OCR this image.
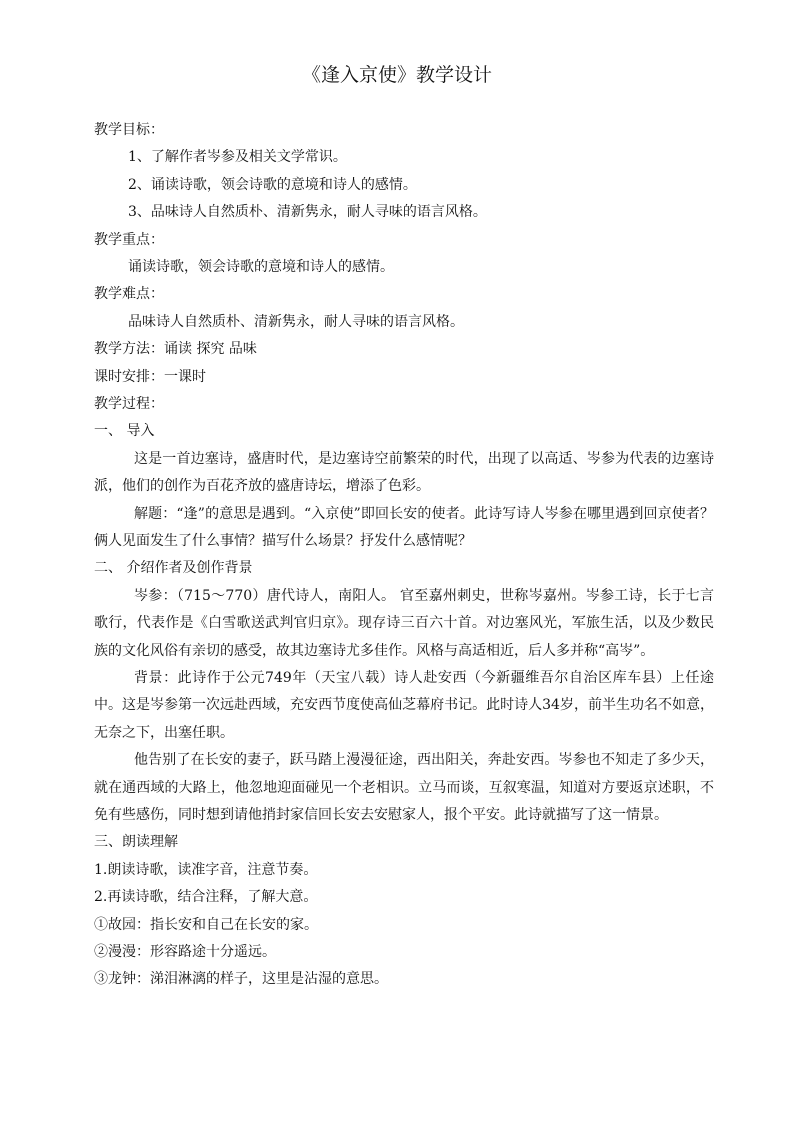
《逢入京使》教学设计
教学目标：
1、了解作者岑参及相关文学常识。
2、诵读诗歌，领会诗歌的意境和诗人的感情。
3、品味诗人自然质朴、清新隽永，耐人寻味的语言风格。
教学重点：
诵读诗歌，领会诗歌的意境和诗人的感情。
教学难点：
品味诗人自然质朴、清新隽永，耐人寻味的语言风格。
教学方法：诵读 探究 品味
课时安排：一课时
教学过程：
一、 导入
这是一首边塞诗，盛唐时代，是边塞诗空前繁荣的时代，出现了以高适、岑参为代表的边塞诗派，他们的创作为百花齐放的盛唐诗坛，增添了色彩。
解题：“逢”的意思是遇到。“入京使”即回长安的使者。此诗写诗人岑参在哪里遇到回京使者？俩人见面发生了什么事情？描写什么场景？抒发什么感情呢？
二、 介绍作者及创作背景
岑参：（715～770）唐代诗人，南阳人。 官至嘉州刺史，世称岑嘉州。岑参工诗，长于七言歌行，代表作是《白雪歌送武判官归京》。现存诗三百六十首。对边塞风光，军旅生活，以及少数民族的文化风俗有亲切的感受，故其边塞诗尤多佳作。风格与高适相近，后人多并称“高岑”。
背景：此诗作于公元749年（天宝八载）诗人赴安西（今新疆维吾尔自治区库车县）上任途中。这是岑参第一次远赴西域，充安西节度使高仙芝幕府书记。此时诗人34岁，前半生功名不如意，无奈之下，出塞任职。
他告别了在长安的妻子，跃马踏上漫漫征途，西出阳关，奔赴安西。岑参也不知走了多少天，就在通西域的大路上，他忽地迎面碰见一个老相识。立马而谈，互叙寒温，知道对方要返京述职，不免有些感伤，同时想到请他捎封家信回长安去安慰家人，报个平安。此诗就描写了这一情景。
三、朗读理解
1.朗读诗歌，读准字音，注意节奏。
2.再读诗歌，结合注释，了解大意。
①故园：指长安和自己在长安的家。
②漫漫：形容路途十分遥远。
③龙钟：涕泪淋漓的样子，这里是沾湿的意思。
